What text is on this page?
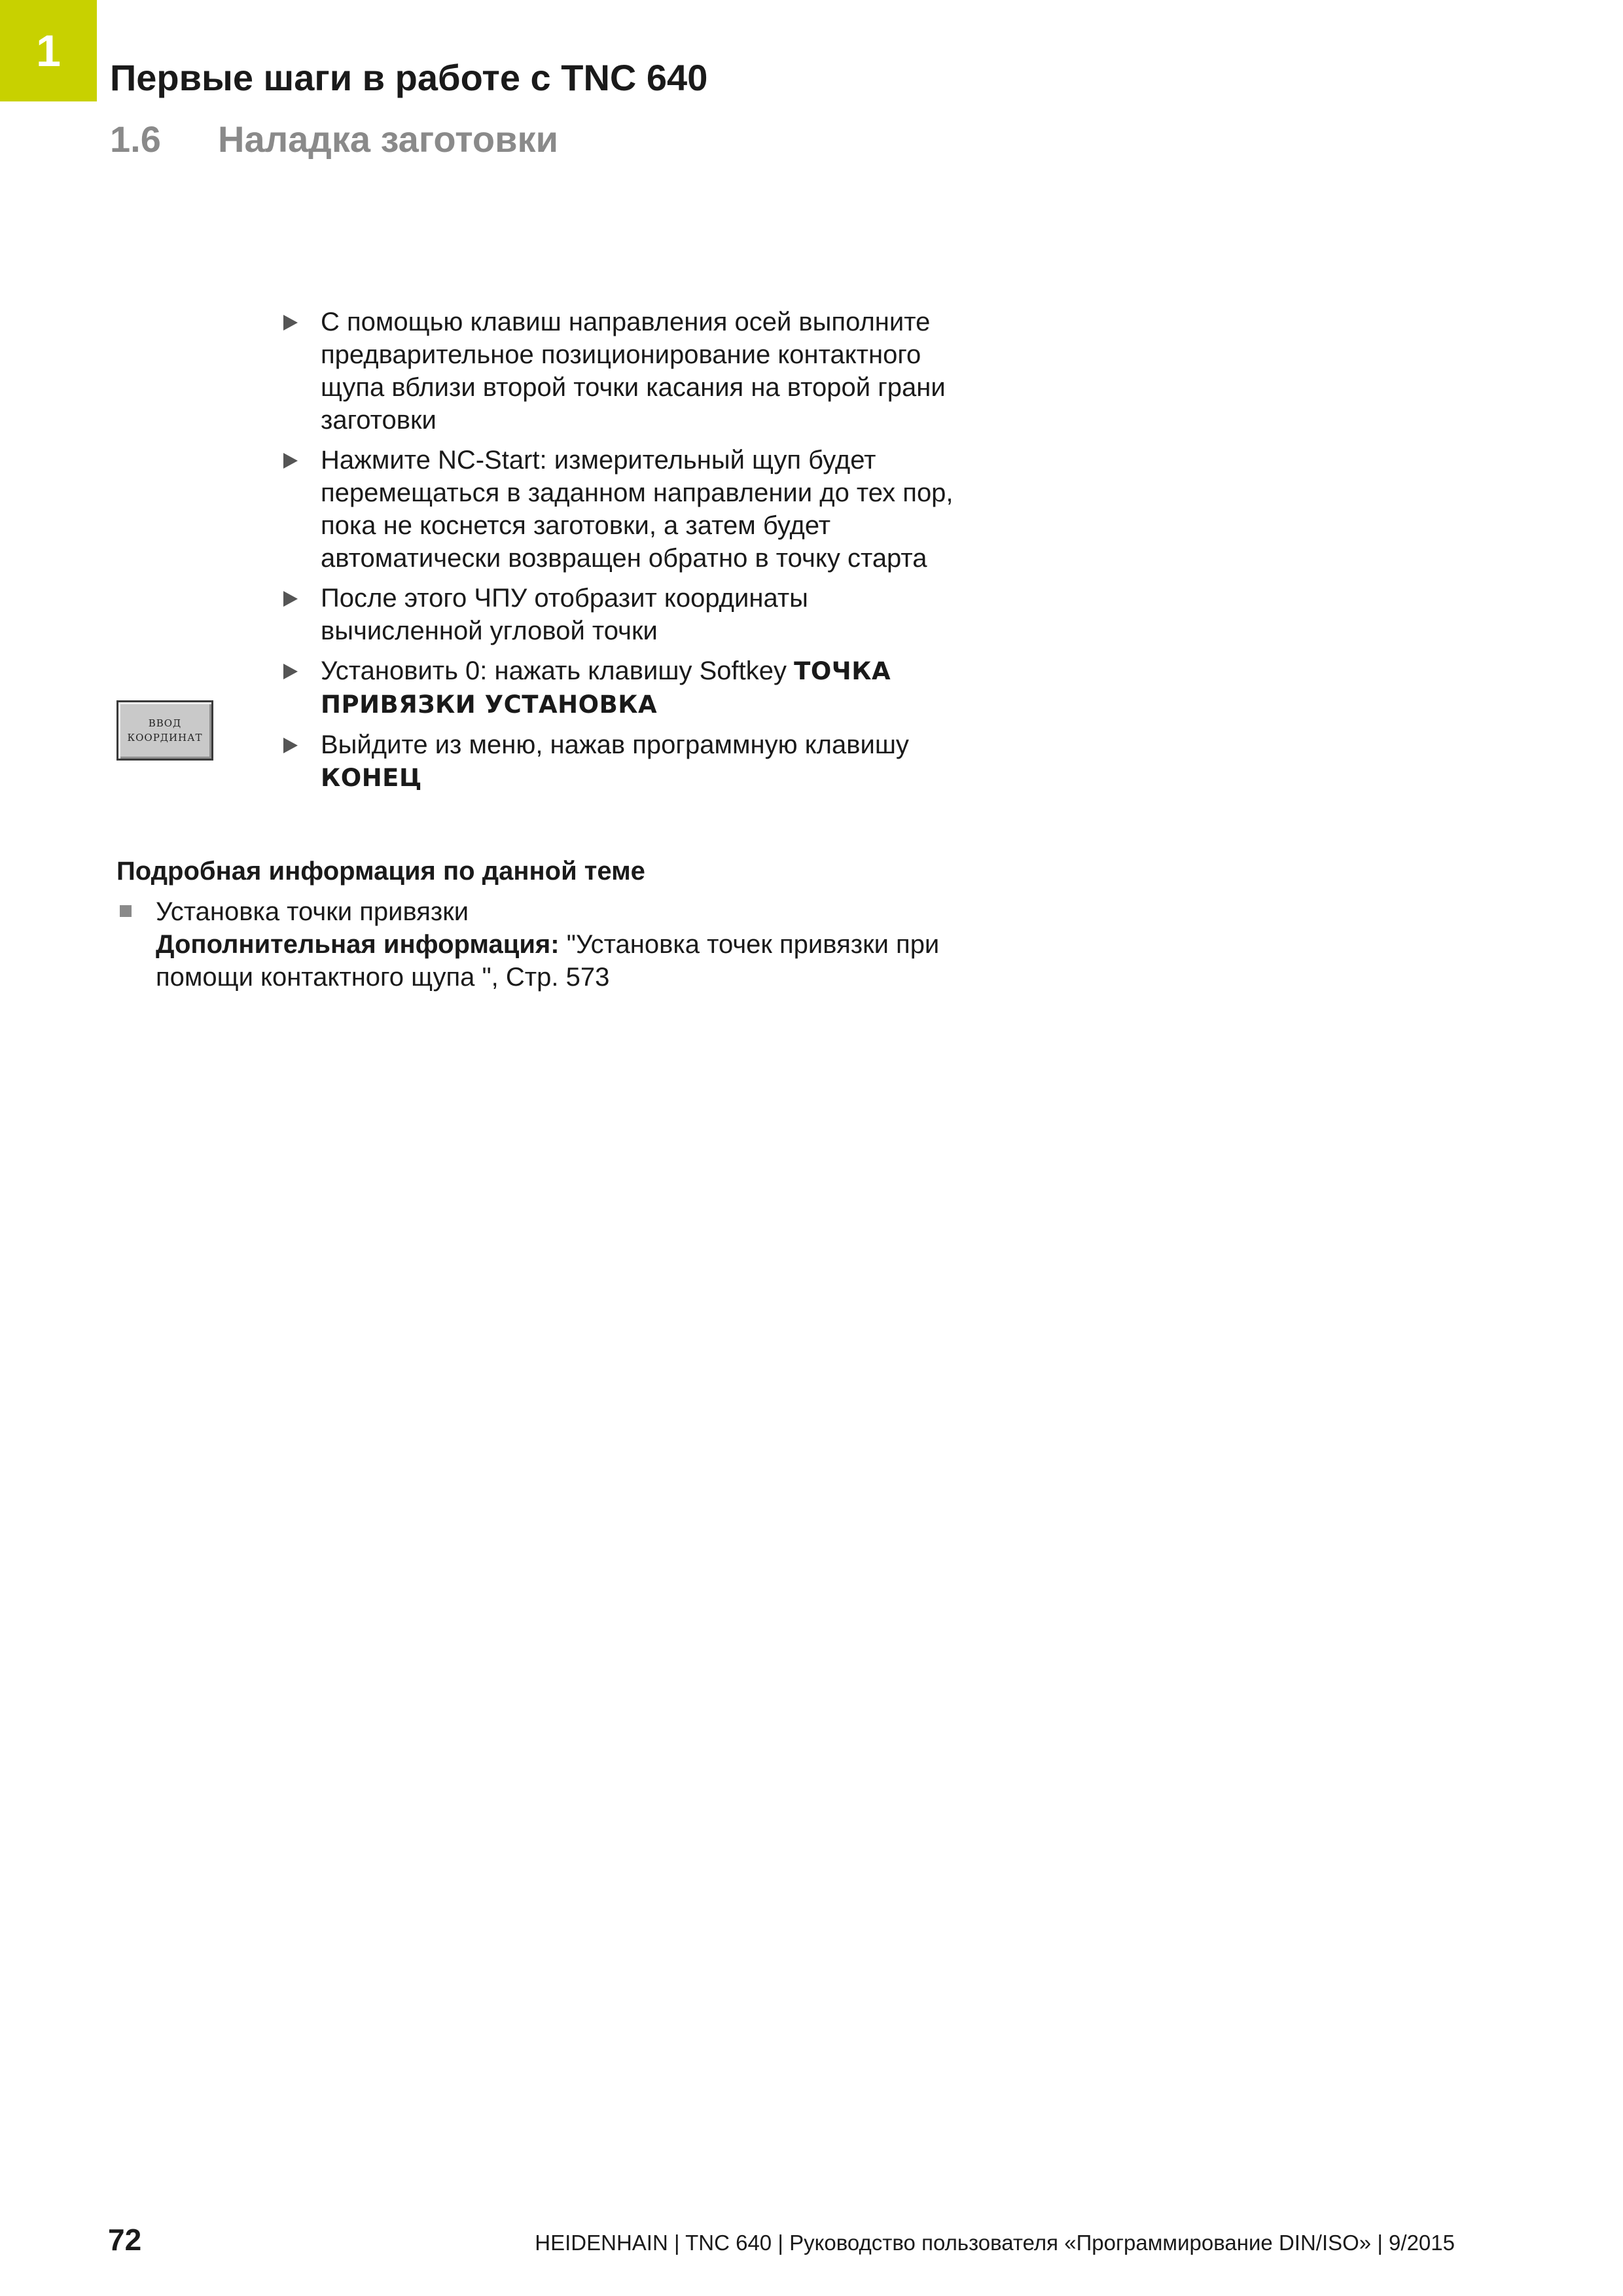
1
Первые шаги в работе с TNC 640
1.6 Наладка заготовки
ВВОД
КООРДИНАТ
С помощью клавиш направления осей выполните предварительное позиционирование контактного щупа вблизи второй точки касания на второй грани заготовки
Нажмите NC-Start: измерительный щуп будет перемещаться в заданном направлении до тех пор, пока не коснется заготовки, а затем будет автоматически возвращен обратно в точку старта
После этого ЧПУ отобразит координаты вычисленной угловой точки
Установить 0: нажать клавишу Softkey ТОЧКА ПРИВЯЗКИ УСТАНОВКА
Выйдите из меню, нажав программную клавишу КОНЕЦ
Подробная информация по данной теме
Установка точки привязки
Дополнительная информация: "Установка точек привязки при помощи контактного щупа ", Стр. 573
72	HEIDENHAIN | TNC 640 | Руководство пользователя «Программирование DIN/ISO» | 9/2015
